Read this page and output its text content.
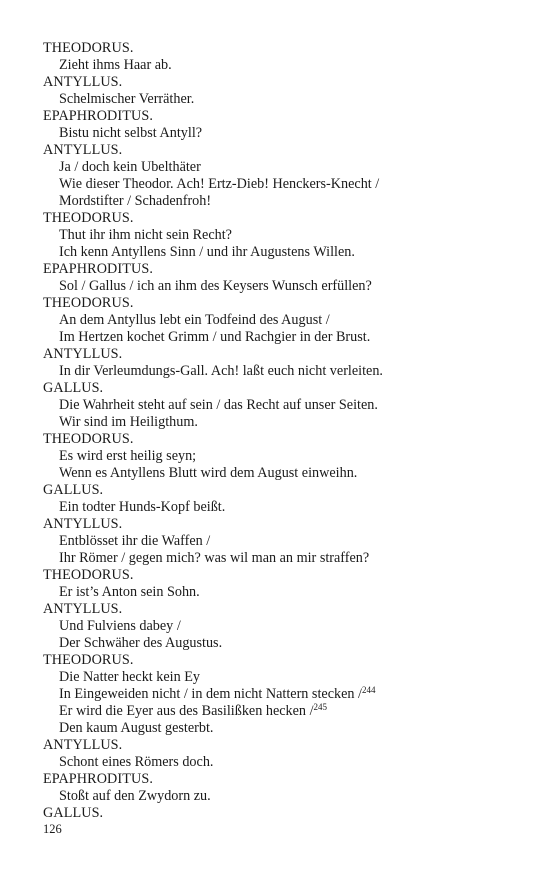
THEODORUS.
Zieht ihms Haar ab.
ANTYLLUS.
Schelmischer Verräther.
EPAPHRODITUS.
Bistu nicht selbst Antyll?
ANTYLLUS.
Ja / doch kein Ubelthäter
Wie dieser Theodor. Ach! Ertz-Dieb! Henckers-Knecht /
Mordstifter / Schadenfroh!
THEODORUS.
Thut ihr ihm nicht sein Recht?
Ich kenn Antyllens Sinn / und ihr Augustens Willen.
EPAPHRODITUS.
Sol / Gallus / ich an ihm des Keysers Wunsch erfüllen?
THEODORUS.
An dem Antyllus lebt ein Todfeind des August /
Im Hertzen kochet Grimm / und Rachgier in der Brust.
ANTYLLUS.
In dir Verleumdungs-Gall. Ach! laßt euch nicht verleiten.
GALLUS.
Die Wahrheit steht auf sein / das Recht auf unser Seiten.
Wir sind im Heiligthum.
THEODORUS.
Es wird erst heilig seyn;
Wenn es Antyllens Blutt wird dem August einweihn.
GALLUS.
Ein todter Hunds-Kopf beißt.
ANTYLLUS.
Entblösset ihr die Waffen /
Ihr Römer / gegen mich? was wil man an mir straffen?
THEODORUS.
Er ist’s Anton sein Sohn.
ANTYLLUS.
Und Fulviens dabey /
Der Schwäher des Augustus.
THEODORUS.
Die Natter heckt kein Ey
In Eingeweiden nicht / in dem nicht Nattern stecken /$^{244}$
Er wird die Eyer aus des Basilißken hecken /$^{245}$
Den kaum August gesterbt.
ANTYLLUS.
Schont eines Römers doch.
EPAPHRODITUS.
Stoßt auf den Zwydorn zu.
GALLUS.
126
